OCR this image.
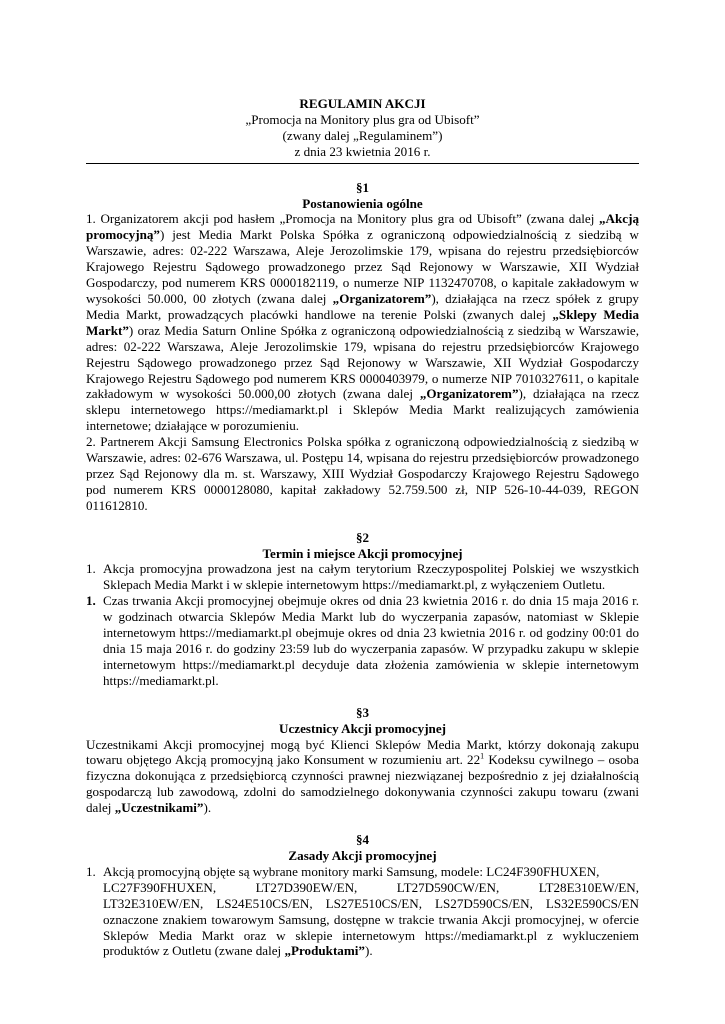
REGULAMIN AKCJI
„Promocja na Monitory plus gra od Ubisoft”
(zwany dalej „Regulaminem”)
z dnia 23 kwietnia 2016 r.
§1
Postanowienia ogólne

1. Organizatorem akcji pod hasłem „Promocja na Monitory plus gra od Ubisoft” (zwana dalej „Akcją promocyjną”) jest Media Markt Polska Spółka z ograniczoną odpowiedzialnością z siedzibą w Warszawie, adres: 02-222 Warszawa, Aleje Jerozolimskie 179, wpisana do rejestru przedsiębiorców Krajowego Rejestru Sądowego prowadzonego przez Sąd Rejonowy w Warszawie, XII Wydział Gospodarczy, pod numerem KRS 0000182119, o numerze NIP 1132470708, o kapitale zakładowym w wysokości 50.000, 00 złotych (zwana dalej „Organizatorem”), działająca na rzecz spółek z grupy Media Markt, prowadzących placówki handlowe na terenie Polski (zwanych dalej „Sklepy Media Markt”) oraz Media Saturn Online Spółka z ograniczoną odpowiedzialnością z siedzibą w Warszawie, adres: 02-222 Warszawa, Aleje Jerozolimskie 179, wpisana do rejestru przedsiębiorców Krajowego Rejestru Sądowego prowadzonego przez Sąd Rejonowy w Warszawie, XII Wydział Gospodarczy Krajowego Rejestru Sądowego pod numerem KRS 0000403979, o numerze NIP 7010327611, o kapitale zakładowym w wysokości 50.000,00 złotych (zwana dalej „Organizatorem”), działająca na rzecz sklepu internetowego https://mediamarkt.pl i Sklepów Media Markt realizujących zamówienia internetowe; działające w porozumieniu.

2. Partnerem Akcji Samsung Electronics Polska spółka z ograniczoną odpowiedzialnością z siedzibą w Warszawie, adres: 02-676 Warszawa, ul. Postępu 14, wpisana do rejestru przedsiębiorców prowadzonego przez Sąd Rejonowy dla m. st. Warszawy, XIII Wydział Gospodarczy Krajowego Rejestru Sądowego pod numerem KRS 0000128080, kapitał zakładowy 52.759.500 zł, NIP 526-10-44-039, REGON 011612810.

§2
Termin i miejsce Akcji promocyjnej
1. Akcja promocyjna prowadzona jest na całym terytorium Rzeczypospolitej Polskiej we wszystkich Sklepach Media Markt i w sklepie internetowym https://mediamarkt.pl, z wyłączeniem Outletu.
1. Czas trwania Akcji promocyjnej obejmuje okres od dnia 23 kwietnia 2016 r. do dnia 15 maja 2016 r. w godzinach otwarcia Sklepów Media Markt lub do wyczerpania zapasów, natomiast w Sklepie internetowym https://mediamarkt.pl obejmuje okres od dnia 23 kwietnia 2016 r. od godziny 00:01 do dnia 15 maja 2016 r. do godziny 23:59 lub do wyczerpania zapasów. W przypadku zakupu w sklepie internetowym https://mediamarkt.pl decyduje data złożenia zamówienia w sklepie internetowym https://mediamarkt.pl.
§3
Uczestnicy Akcji promocyjnej

Uczestnikami Akcji promocyjnej mogą być Klienci Sklepów Media Markt, którzy dokonają zakupu towaru objętego Akcją promocyjną jako Konsument w rozumieniu art. $22^1$ Kodeksu cywilnego – osoba fizyczna dokonująca z przedsiębiorcą czynności prawnej niezwiązanej bezpośrednio z jej działalnością gospodarczą lub zawodową, zdolni do samodzielnego dokonywania czynności zakupu towaru (zwani dalej „Uczestnikami”).

§4
Zasady Akcji promocyjnej
1. Akcją promocyjną objęte są wybrane monitory marki Samsung, modele: LC24F390FHUXEN,
LC27F390FHUXEN,	LT27D390EW/EN,	LT27D590CW/EN,	LT28E310EW/EN,
LT32E310EW/EN, LS24E510CS/EN, LS27E510CS/EN, LS27D590CS/EN, LS32E590CS/EN
oznaczone znakiem towarowym Samsung, dostępne w trakcie trwania Akcji promocyjnej, w ofercie Sklepów Media Markt oraz w sklepie internetowym https://mediamarkt.pl z wykluczeniem produktów z Outletu (zwane dalej „Produktami”).
